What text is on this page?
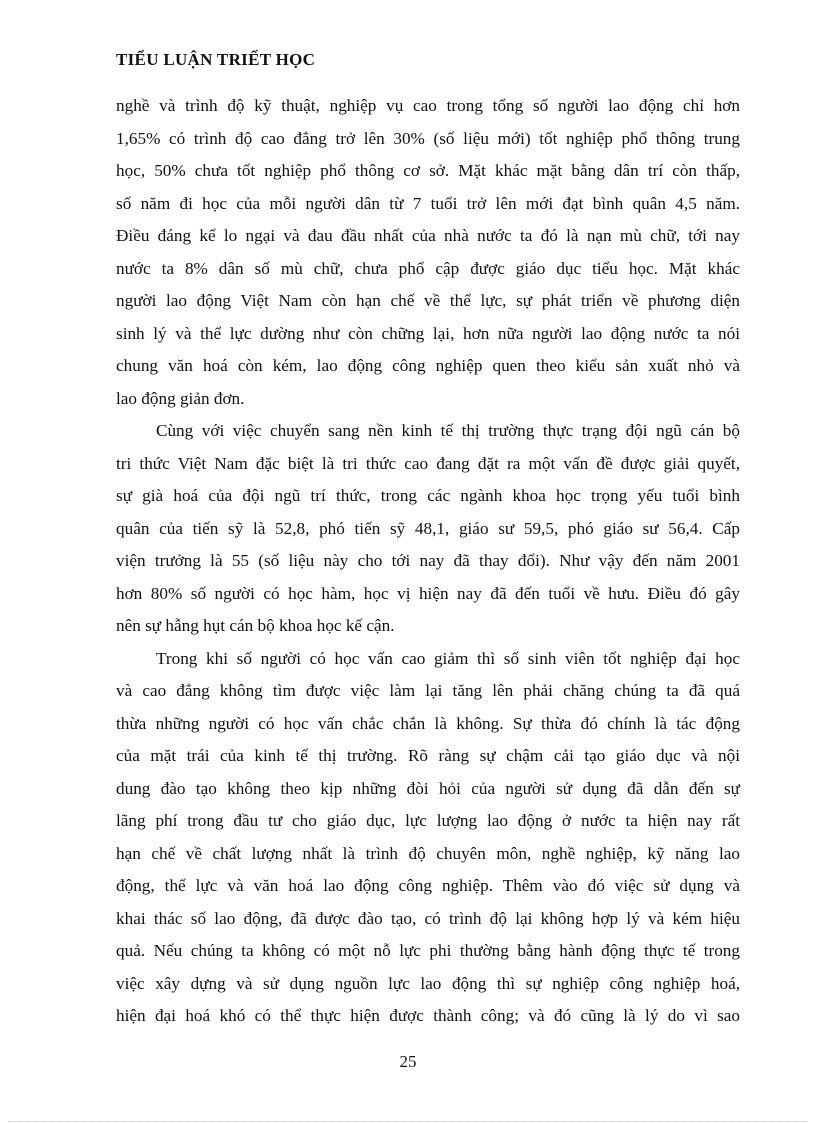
TIỂU LUẬN TRIẾT HỌC
nghề và trình độ kỹ thuật, nghiệp vụ cao trong tổng số người lao động chỉ hơn
1,65% có trình độ cao đẳng trở lên 30% (số liệu mới) tốt nghiệp phổ thông trung
học, 50% chưa tốt nghiệp phổ thông cơ sở. Mặt khác mặt bằng dân trí còn thấp,
số năm đi học của mỗi người dân từ 7 tuổi trở lên mới đạt bình quân 4,5 năm.
Điều đáng kể lo ngại và đau đầu nhất của nhà nước ta đó là nạn mù chữ, tới nay
nước ta 8% dân số mù chữ, chưa phổ cập được giáo dục tiểu học. Mặt khác
người lao động Việt Nam còn hạn chế về thể lực, sự phát triển về phương diện
sinh lý và thể lực dường như còn chững lại, hơn nữa người lao động nước ta nói
chung văn hoá còn kém, lao động công nghiệp quen theo kiểu sản xuất nhỏ và
lao động giản đơn.
Cùng với việc chuyển sang nền kinh tế thị trường thực trạng đội ngũ cán bộ
tri thức Việt Nam đặc biệt là tri thức cao đang đặt ra một vấn đề được giải quyết,
sự già hoá của đội ngũ trí thức, trong các ngành khoa học trọng yếu tuổi bình
quân của tiến sỹ là 52,8, phó tiến sỹ 48,1, giáo sư 59,5, phó giáo sư 56,4. Cấp
viện trưởng là 55 (số liệu này cho tới nay đã thay đổi). Như vậy đến năm 2001
hơn 80% số người có học hàm, học vị hiện nay đã đến tuổi về hưu. Điều đó gây
nên sự hẫng hụt cán bộ khoa học kế cận.
Trong khi số người có học vấn cao giảm thì số sinh viên tốt nghiệp đại học
và cao đẳng không tìm được việc làm lại tăng lên phải chăng chúng ta đã quá
thừa những người có học vấn chắc chắn là không. Sự thừa đó chính là tác động
của mặt trái của kinh tế thị trường. Rõ ràng sự chậm cải tạo giáo dục và nội
dung đào tạo không theo kịp những đòi hỏi của người sử dụng đã dẫn đến sự
lãng phí trong đầu tư cho giáo dục, lực lượng lao động ở nước ta hiện nay rất
hạn chế về chất lượng nhất là trình độ chuyên môn, nghề nghiệp, kỹ năng lao
động, thể lực và văn hoá lao động công nghiệp. Thêm vào đó việc sử dụng và
khai thác số lao động, đã được đào tạo, có trình độ lại không hợp lý và kém hiệu
quả. Nếu chúng ta không có một nỗ lực phi thường bằng hành động thực tế trong
việc xây dựng và sử dụng nguồn lực lao động thì sự nghiệp công nghiệp hoá,
hiện đại hoá khó có thể thực hiện được thành công; và đó cũng là lý do vì sao
25
